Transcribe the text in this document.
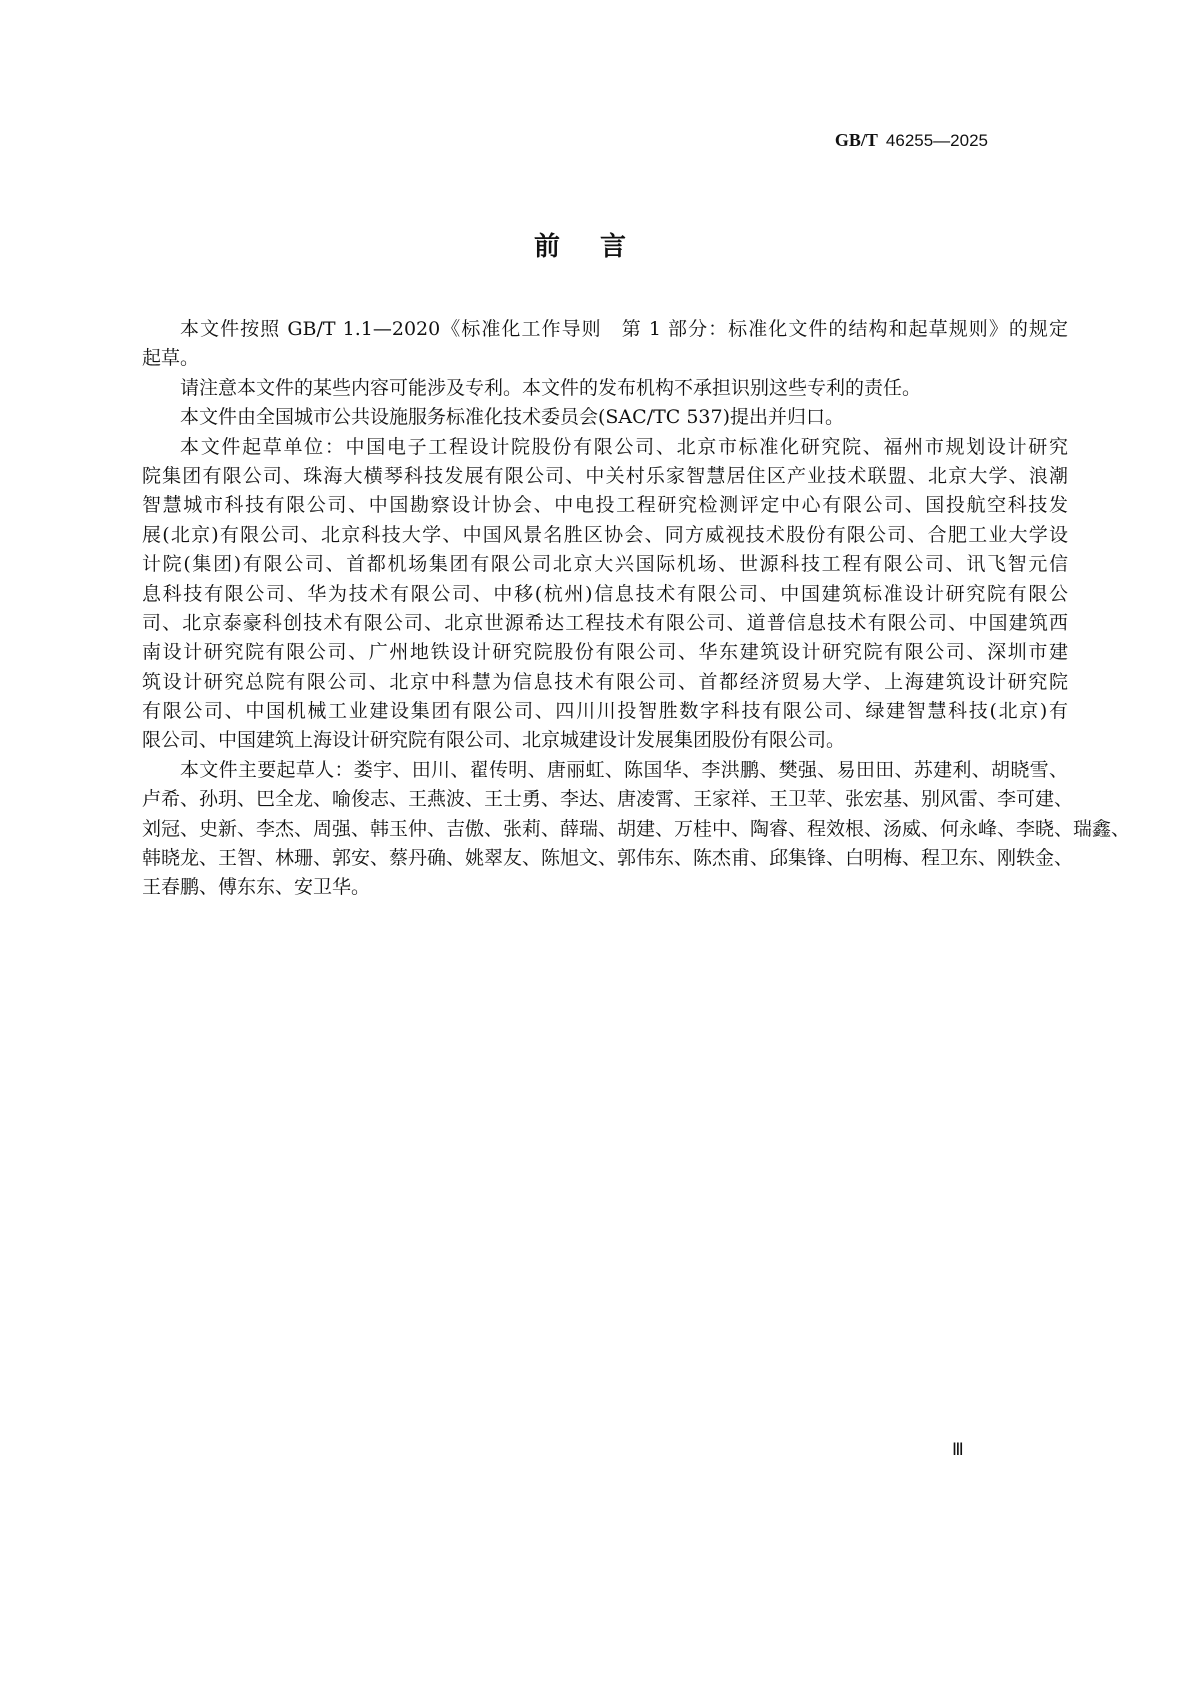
GB/T 46255—2025
前言
本文件按照 GB/T 1.1—2020《标准化工作导则　第 1 部分：标准化文件的结构和起草规则》的规定
起草。
请注意本文件的某些内容可能涉及专利。本文件的发布机构不承担识别这些专利的责任。
本文件由全国城市公共设施服务标准化技术委员会(SAC/TC 537)提出并归口。
本文件起草单位：中国电子工程设计院股份有限公司、北京市标准化研究院、福州市规划设计研究
院集团有限公司、珠海大横琴科技发展有限公司、中关村乐家智慧居住区产业技术联盟、北京大学、浪潮
智慧城市科技有限公司、中国勘察设计协会、中电投工程研究检测评定中心有限公司、国投航空科技发
展(北京)有限公司、北京科技大学、中国风景名胜区协会、同方威视技术股份有限公司、合肥工业大学设
计院(集团)有限公司、首都机场集团有限公司北京大兴国际机场、世源科技工程有限公司、讯飞智元信
息科技有限公司、华为技术有限公司、中移(杭州)信息技术有限公司、中国建筑标准设计研究院有限公
司、北京泰豪科创技术有限公司、北京世源希达工程技术有限公司、道普信息技术有限公司、中国建筑西
南设计研究院有限公司、广州地铁设计研究院股份有限公司、华东建筑设计研究院有限公司、深圳市建
筑设计研究总院有限公司、北京中科慧为信息技术有限公司、首都经济贸易大学、上海建筑设计研究院
有限公司、中国机械工业建设集团有限公司、四川川投智胜数字科技有限公司、绿建智慧科技(北京)有
限公司、中国建筑上海设计研究院有限公司、北京城建设计发展集团股份有限公司。
本文件主要起草人：娄宇、田川、翟传明、唐丽虹、陈国华、李洪鹏、樊强、易田田、苏建利、胡晓雪、
卢希、孙玥、巴全龙、喻俊志、王燕波、王士勇、李达、唐凌霄、王家祥、王卫苹、张宏基、别风雷、李可建、
刘冠、史新、李杰、周强、韩玉仲、吉傲、张莉、薛瑞、胡建、万桂中、陶睿、程效根、汤威、何永峰、李晓、瑞鑫、
韩晓龙、王智、林珊、郭安、蔡丹确、姚翠友、陈旭文、郭伟东、陈杰甫、邱集锋、白明梅、程卫东、刚轶金、
王春鹏、傅东东、安卫华。
Ⅲ
